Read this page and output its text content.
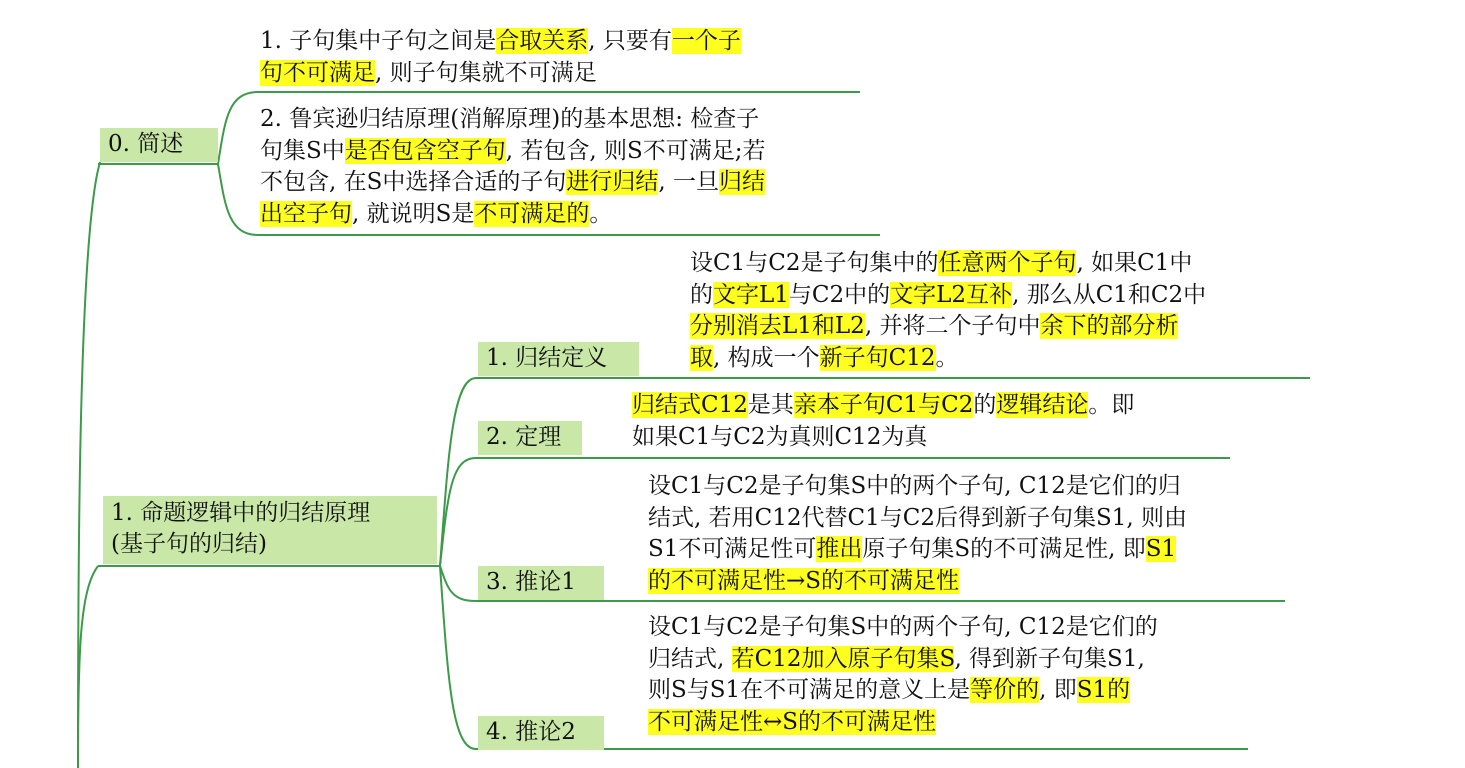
0. 简述
1. 子句集中子句之间是合取关系, 只要有一个子
句不可满足, 则子句集就不可满足
2. 鲁宾逊归结原理(消解原理)的基本思想: 检查子
句集S中是否包含空子句, 若包含, 则S不可满足;若
不包含, 在S中选择合适的子句进行归结, 一旦归结
出空子句, 就说明S是不可满足的。
1. 命题逻辑中的归结原理
(基子句的归结)
1. 归结定义
2. 定理
3. 推论1
4. 推论2
设C1与C2是子句集中的任意两个子句, 如果C1中
的文字L1与C2中的文字L2互补, 那么从C1和C2中
分别消去L1和L2, 并将二个子句中余下的部分析
取, 构成一个新子句C12。
归结式C12是其亲本子句C1与C2的逻辑结论。即
如果C1与C2为真则C12为真
设C1与C2是子句集S中的两个子句, C12是它们的归
结式, 若用C12代替C1与C2后得到新子句集S1, 则由
S1不可满足性可推出原子句集S的不可满足性, 即S1
的不可满足性→S的不可满足性
设C1与C2是子句集S中的两个子句, C12是它们的
归结式, 若C12加入原子句集S, 得到新子句集S1,
则S与S1在不可满足的意义上是等价的, 即S1的
不可满足性↔S的不可满足性
